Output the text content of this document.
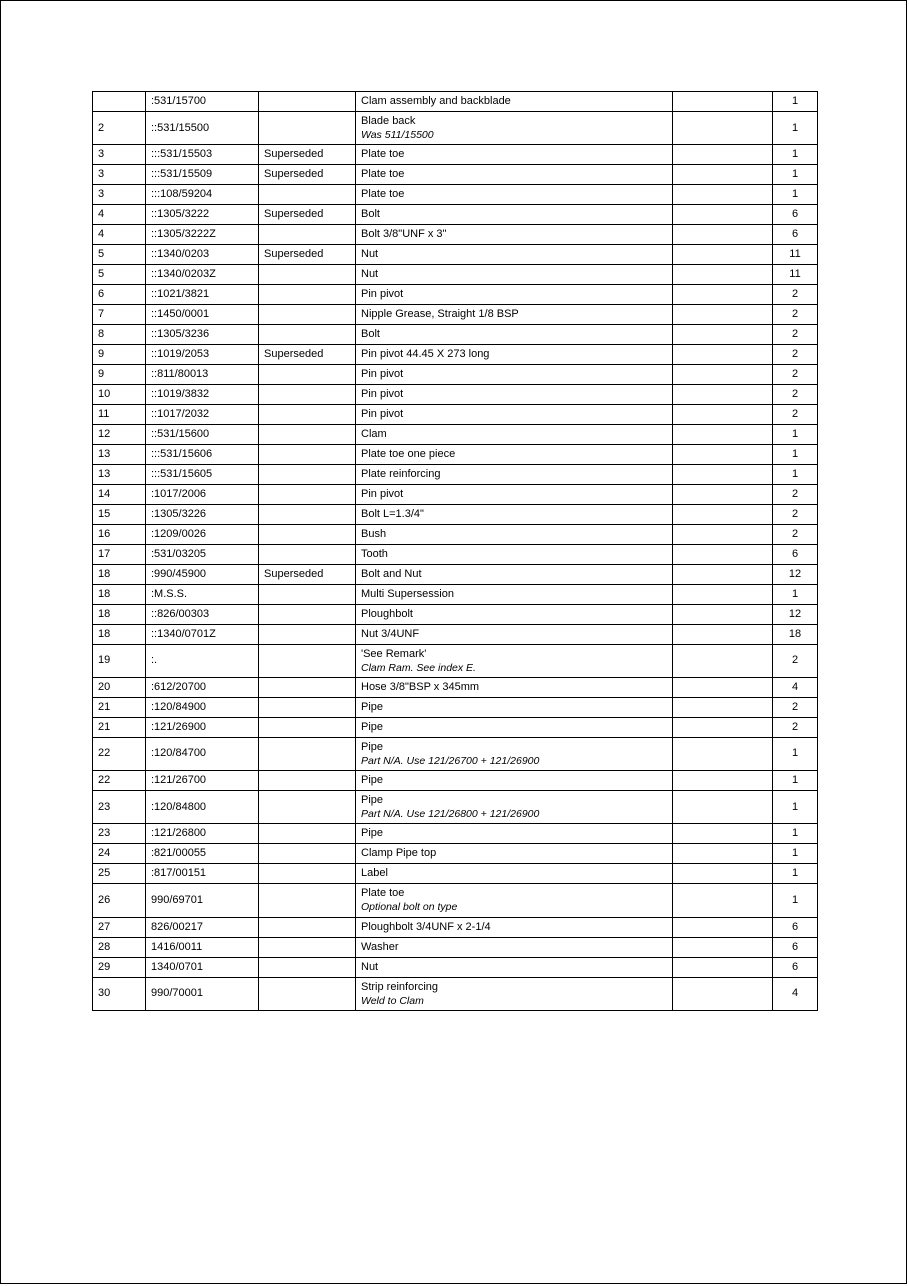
	:531/15700		Clam assembly and backblade		1
2	::531/15500		Blade back
Was 511/15500		1
3	:::531/15503	Superseded	Plate toe		1
3	:::531/15509	Superseded	Plate toe		1
3	:::108/59204		Plate toe		1
4	::1305/3222	Superseded	Bolt		6
4	::1305/3222Z		Bolt 3/8"UNF x 3"		6
5	::1340/0203	Superseded	Nut		11
5	::1340/0203Z		Nut		11
6	::1021/3821		Pin pivot		2
7	::1450/0001		Nipple Grease, Straight 1/8 BSP		2
8	::1305/3236		Bolt		2
9	::1019/2053	Superseded	Pin pivot 44.45 X 273 long		2
9	::811/80013		Pin pivot		2
10	::1019/3832		Pin pivot		2
11	::1017/2032		Pin pivot		2
12	::531/15600		Clam		1
13	:::531/15606		Plate toe one piece		1
13	:::531/15605		Plate reinforcing		1
14	:1017/2006		Pin pivot		2
15	:1305/3226		Bolt L=1.3/4"		2
16	:1209/0026		Bush		2
17	:531/03205		Tooth		6
18	:990/45900	Superseded	Bolt and Nut		12
18	:M.S.S.		Multi Supersession		1
18	::826/00303		Ploughbolt		12
18	::1340/0701Z		Nut 3/4UNF		18
19	:.		'See Remark'
Clam Ram. See index E.		2
20	:612/20700		Hose 3/8"BSP x 345mm		4
21	:120/84900		Pipe		2
21	:121/26900		Pipe		2
22	:120/84700		Pipe
Part N/A. Use 121/26700 + 121/26900		1
22	:121/26700		Pipe		1
23	:120/84800		Pipe
Part N/A. Use 121/26800 + 121/26900		1
23	:121/26800		Pipe		1
24	:821/00055		Clamp Pipe top		1
25	:817/00151		Label		1
26	990/69701		Plate toe
Optional bolt on type		1
27	826/00217		Ploughbolt 3/4UNF x 2-1/4		6
28	1416/0011		Washer		6
29	1340/0701		Nut		6
30	990/70001		Strip reinforcing
Weld to Clam		4
